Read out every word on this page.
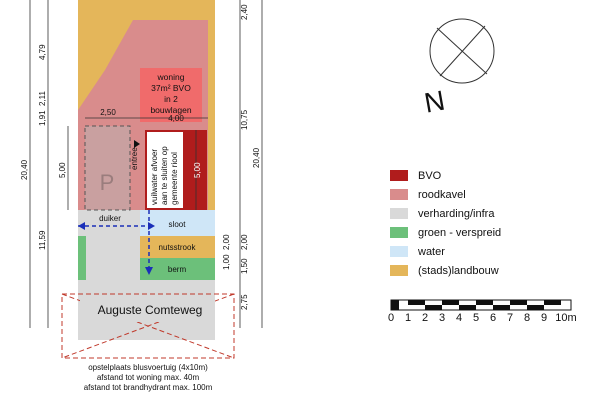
woning
37m² BVO
in 2
bouwlagen
P
entree vuilwater afvoer aan te sluiten op gemeente riool
duiker
sloot
nutsstrook
berm
Auguste Comteweg
opstelplaats blusvoertuig (4x10m)
afstand tot woning max. 40m
afstand tot brandhydrant max. 100m
4,79
2,11
1,91
5,00
11,59
20,40
2,50
4,00
2,40
10,75
2,00
1,50
2,75
20,40
5,00
2,00
1,00
N
BVO
roodkavel
verharding/infra
groen - verspreid
water
(stads)landbouw
0 1 2 3 4 5 6 7 8 9 10m
